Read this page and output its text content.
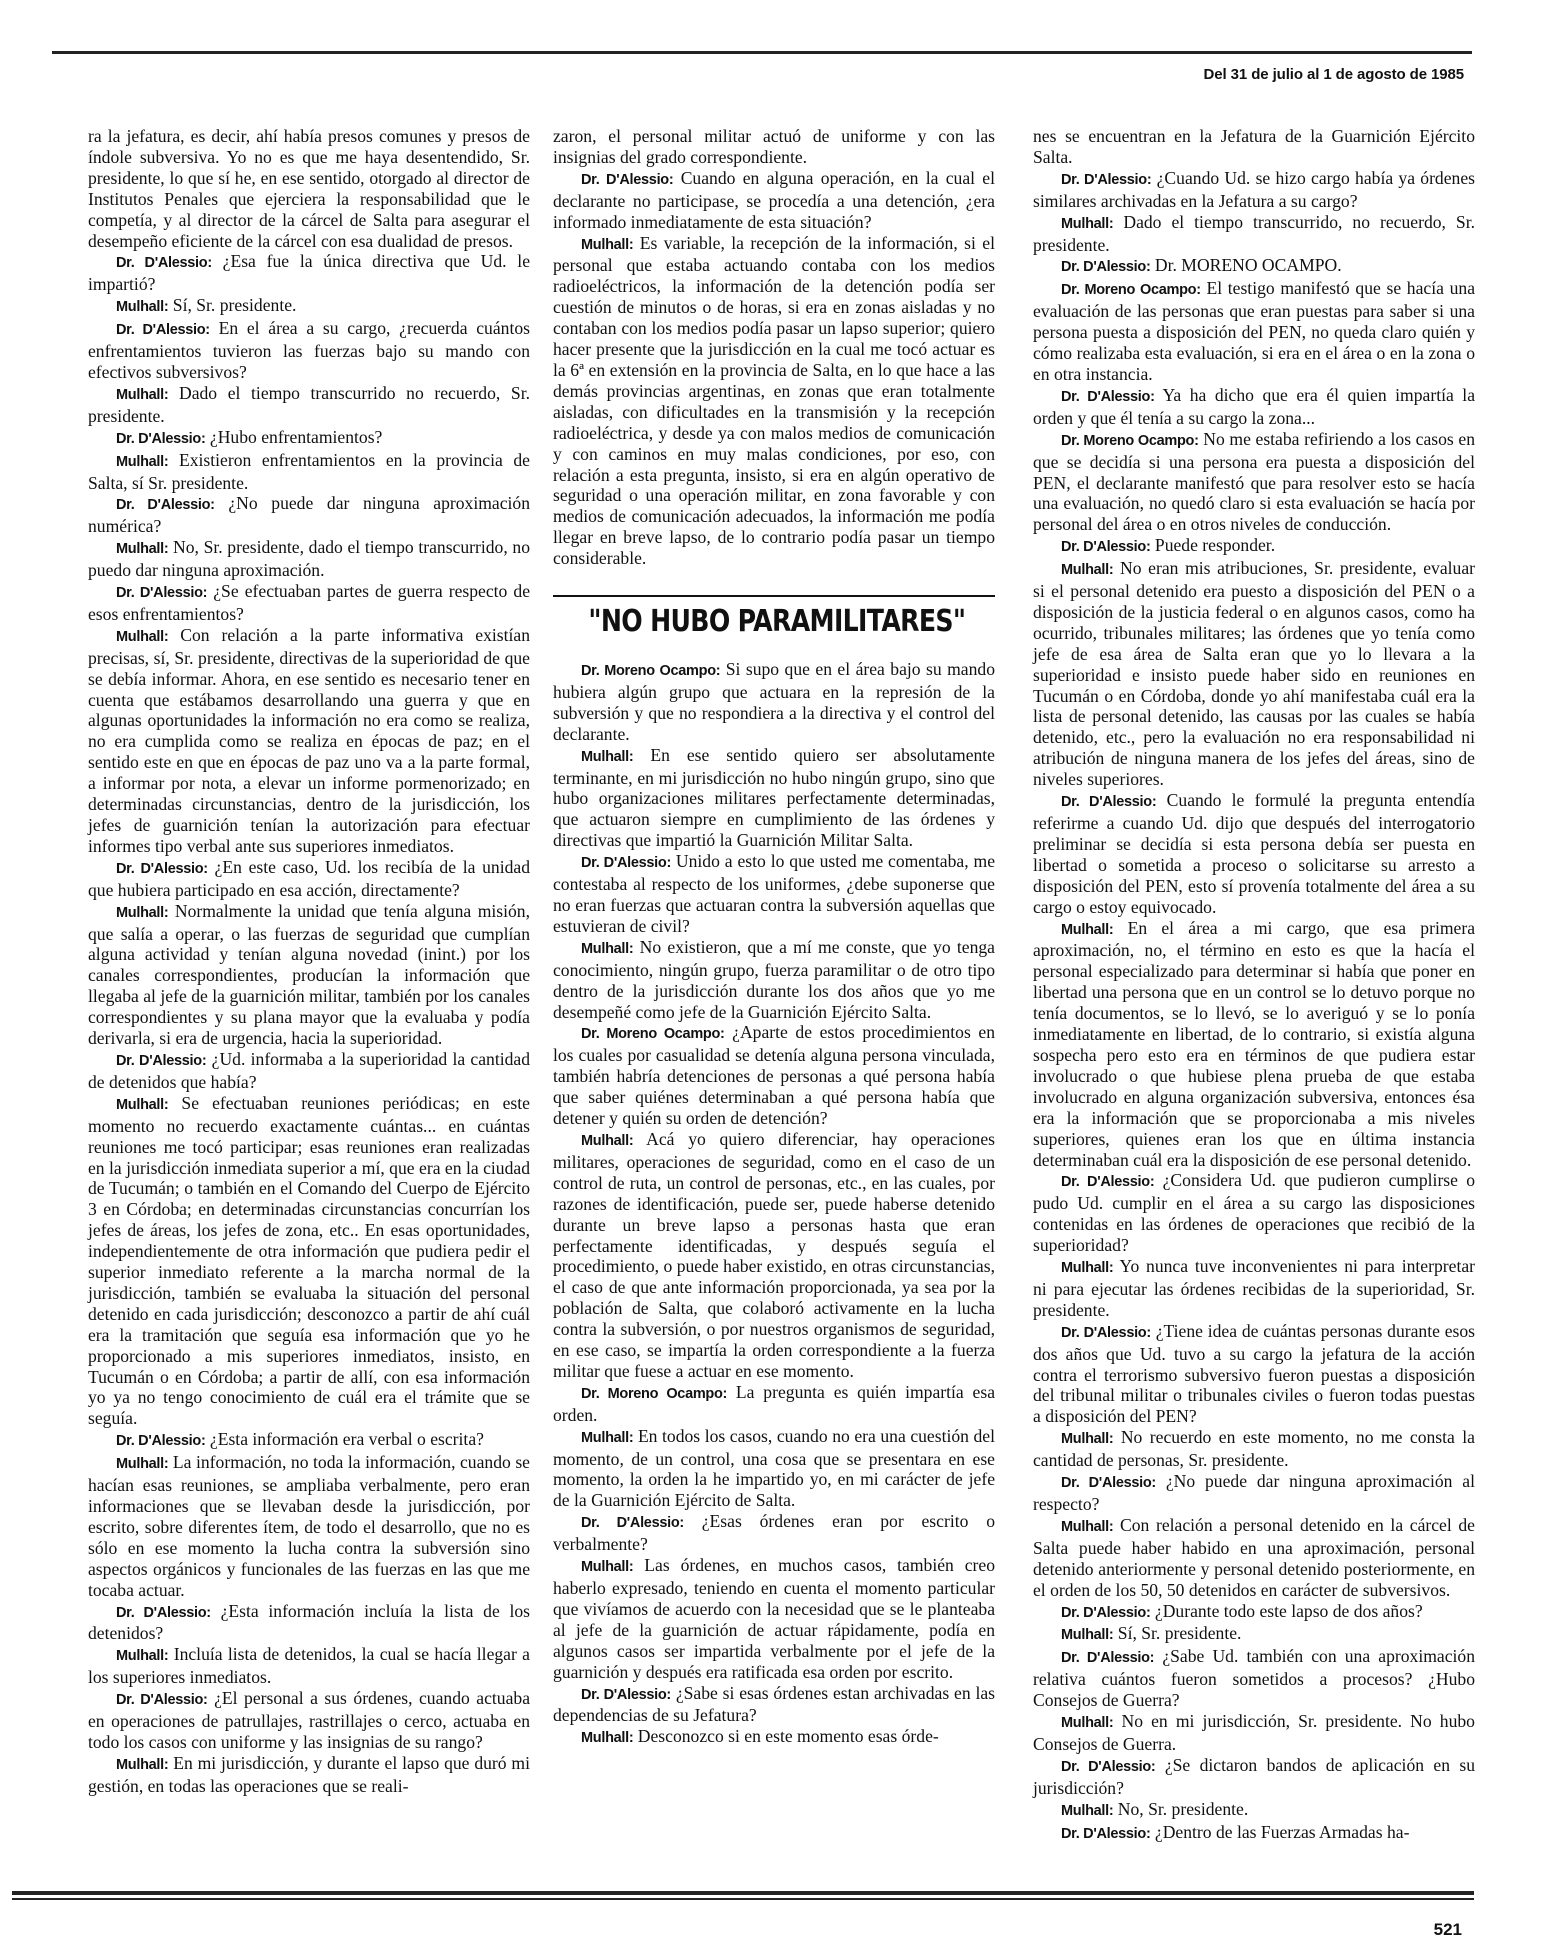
Del 31 de julio al 1 de agosto de 1985

ra la jefatura, es decir, ahí había presos comunes y presos de índole subversiva. Yo no es que me haya desentendido, Sr. presidente, lo que sí he, en ese sentido, otorgado al director de Institutos Penales que ejerciera la responsabilidad que le competía, y al director de la cárcel de Salta para asegurar el desempeño eficiente de la cárcel con esa dualidad de presos.

Dr. D'Alessio: ¿Esa fue la única directiva que Ud. le impartió?

Mulhall: Sí, Sr. presidente.

Dr. D'Alessio: En el área a su cargo, ¿recuerda cuántos enfrentamientos tuvieron las fuerzas bajo su mando con efectivos subversivos?

Mulhall: Dado el tiempo transcurrido no recuerdo, Sr. presidente.

Dr. D'Alessio: ¿Hubo enfrentamientos?

Mulhall: Existieron enfrentamientos en la provincia de Salta, sí Sr. presidente.

Dr. D'Alessio: ¿No puede dar ninguna aproximación numérica?

Mulhall: No, Sr. presidente, dado el tiempo transcurrido, no puedo dar ninguna aproximación.

Dr. D'Alessio: ¿Se efectuaban partes de guerra respecto de esos enfrentamientos?

Mulhall: Con relación a la parte informativa existían precisas, sí, Sr. presidente, directivas de la superioridad de que se debía informar. Ahora, en ese sentido es necesario tener en cuenta que estábamos desarrollando una guerra y que en algunas oportunidades la información no era como se realiza, no era cumplida como se realiza en épocas de paz; en el sentido este en que en épocas de paz uno va a la parte formal, a informar por nota, a elevar un informe pormenorizado; en determinadas circunstancias, dentro de la jurisdicción, los jefes de guarnición tenían la autorización para efectuar informes tipo verbal ante sus superiores inmediatos.

Dr. D'Alessio: ¿En este caso, Ud. los recibía de la unidad que hubiera participado en esa acción, directamente?

Mulhall: Normalmente la unidad que tenía alguna misión, que salía a operar, o las fuerzas de seguridad que cumplían alguna actividad y tenían alguna novedad (inint.) por los canales correspondientes, producían la información que llegaba al jefe de la guarnición militar, también por los canales correspondientes y su plana mayor que la evaluaba y podía derivarla, si era de urgencia, hacia la superioridad.

Dr. D'Alessio: ¿Ud. informaba a la superioridad la cantidad de detenidos que había?

Mulhall: Se efectuaban reuniones periódicas; en este momento no recuerdo exactamente cuántas... en cuántas reuniones me tocó participar; esas reuniones eran realizadas en la jurisdicción inmediata superior a mí, que era en la ciudad de Tucumán; o también en el Comando del Cuerpo de Ejército 3 en Córdoba; en determinadas circunstancias concurrían los jefes de áreas, los jefes de zona, etc.. En esas oportunidades, independientemente de otra información que pudiera pedir el superior inmediato referente a la marcha normal de la jurisdicción, también se evaluaba la situación del personal detenido en cada jurisdicción; desconozco a partir de ahí cuál era la tramitación que seguía esa información que yo he proporcionado a mis superiores inmediatos, insisto, en Tucumán o en Córdoba; a partir de allí, con esa información yo ya no tengo conocimiento de cuál era el trámite que se seguía.

Dr. D'Alessio: ¿Esta información era verbal o escrita?

Mulhall: La información, no toda la información, cuando se hacían esas reuniones, se ampliaba verbalmente, pero eran informaciones que se llevaban desde la jurisdicción, por escrito, sobre diferentes ítem, de todo el desarrollo, que no es sólo en ese momento la lucha contra la subversión sino aspectos orgánicos y funcionales de las fuerzas en las que me tocaba actuar.

Dr. D'Alessio: ¿Esta información incluía la lista de los detenidos?

Mulhall: Incluía lista de detenidos, la cual se hacía llegar a los superiores inmediatos.

Dr. D'Alessio: ¿El personal a sus órdenes, cuando actuaba en operaciones de patrullajes, rastrillajes o cerco, actuaba en todo los casos con uniforme y las insignias de su rango?

Mulhall: En mi jurisdicción, y durante el lapso que duró mi gestión, en todas las operaciones que se reali-

zaron, el personal militar actuó de uniforme y con las insignias del grado correspondiente.

Dr. D'Alessio: Cuando en alguna operación, en la cual el declarante no participase, se procedía a una detención, ¿era informado inmediatamente de esta situación?

Mulhall: Es variable, la recepción de la información, si el personal que estaba actuando contaba con los medios radioeléctricos, la información de la detención podía ser cuestión de minutos o de horas, si era en zonas aisladas y no contaban con los medios podía pasar un lapso superior; quiero hacer presente que la jurisdicción en la cual me tocó actuar es la 6ª en extensión en la provincia de Salta, en lo que hace a las demás provincias argentinas, en zonas que eran totalmente aisladas, con dificultades en la transmisión y la recepción radioeléctrica, y desde ya con malos medios de comunicación y con caminos en muy malas condiciones, por eso, con relación a esta pregunta, insisto, si era en algún operativo de seguridad o una operación militar, en zona favorable y con medios de comunicación adecuados, la información me podía llegar en breve lapso, de lo contrario podía pasar un tiempo considerable.

"NO HUBO PARAMILITARES"

Dr. Moreno Ocampo: Si supo que en el área bajo su mando hubiera algún grupo que actuara en la represión de la subversión y que no respondiera a la directiva y el control del declarante.

Mulhall: En ese sentido quiero ser absolutamente terminante, en mi jurisdicción no hubo ningún grupo, sino que hubo organizaciones militares perfectamente determinadas, que actuaron siempre en cumplimiento de las órdenes y directivas que impartió la Guarnición Militar Salta.

Dr. D'Alessio: Unido a esto lo que usted me comentaba, me contestaba al respecto de los uniformes, ¿debe suponerse que no eran fuerzas que actuaran contra la subversión aquellas que estuvieran de civil?

Mulhall: No existieron, que a mí me conste, que yo tenga conocimiento, ningún grupo, fuerza paramilitar o de otro tipo dentro de la jurisdicción durante los dos años que yo me desempeñé como jefe de la Guarnición Ejército Salta.

Dr. Moreno Ocampo: ¿Aparte de estos procedimientos en los cuales por casualidad se detenía alguna persona vinculada, también habría detenciones de personas a qué persona había que saber quiénes determinaban a qué persona había que detener y quién su orden de detención?

Mulhall: Acá yo quiero diferenciar, hay operaciones militares, operaciones de seguridad, como en el caso de un control de ruta, un control de personas, etc., en las cuales, por razones de identificación, puede ser, puede haberse detenido durante un breve lapso a personas hasta que eran perfectamente identificadas, y después seguía el procedimiento, o puede haber existido, en otras circunstancias, el caso de que ante información proporcionada, ya sea por la población de Salta, que colaboró activamente en la lucha contra la subversión, o por nuestros organismos de seguridad, en ese caso, se impartía la orden correspondiente a la fuerza militar que fuese a actuar en ese momento.

Dr. Moreno Ocampo: La pregunta es quién impartía esa orden.

Mulhall: En todos los casos, cuando no era una cuestión del momento, de un control, una cosa que se presentara en ese momento, la orden la he impartido yo, en mi carácter de jefe de la Guarnición Ejército de Salta.

Dr. D'Alessio: ¿Esas órdenes eran por escrito o verbalmente?

Mulhall: Las órdenes, en muchos casos, también creo haberlo expresado, teniendo en cuenta el momento particular que vivíamos de acuerdo con la necesidad que se le planteaba al jefe de la guarnición de actuar rápidamente, podía en algunos casos ser impartida verbalmente por el jefe de la guarnición y después era ratificada esa orden por escrito.

Dr. D'Alessio: ¿Sabe si esas órdenes estan archivadas en las dependencias de su Jefatura?

Mulhall: Desconozco si en este momento esas órde-

nes se encuentran en la Jefatura de la Guarnición Ejército Salta.

Dr. D'Alessio: ¿Cuando Ud. se hizo cargo había ya órdenes similares archivadas en la Jefatura a su cargo?

Mulhall: Dado el tiempo transcurrido, no recuerdo, Sr. presidente.

Dr. D'Alessio: Dr. MORENO OCAMPO.

Dr. Moreno Ocampo: El testigo manifestó que se hacía una evaluación de las personas que eran puestas para saber si una persona puesta a disposición del PEN, no queda claro quién y cómo realizaba esta evaluación, si era en el área o en la zona o en otra instancia.

Dr. D'Alessio: Ya ha dicho que era él quien impartía la orden y que él tenía a su cargo la zona...

Dr. Moreno Ocampo: No me estaba refiriendo a los casos en que se decidía si una persona era puesta a disposición del PEN, el declarante manifestó que para resolver esto se hacía una evaluación, no quedó claro si esta evaluación se hacía por personal del área o en otros niveles de conducción.

Dr. D'Alessio: Puede responder.

Mulhall: No eran mis atribuciones, Sr. presidente, evaluar si el personal detenido era puesto a disposición del PEN o a disposición de la justicia federal o en algunos casos, como ha ocurrido, tribunales militares; las órdenes que yo tenía como jefe de esa área de Salta eran que yo lo llevara a la superioridad e insisto puede haber sido en reuniones en Tucumán o en Córdoba, donde yo ahí manifestaba cuál era la lista de personal detenido, las causas por las cuales se había detenido, etc., pero la evaluación no era responsabilidad ni atribución de ninguna manera de los jefes del áreas, sino de niveles superiores.

Dr. D'Alessio: Cuando le formulé la pregunta entendía referirme a cuando Ud. dijo que después del interrogatorio preliminar se decidía si esta persona debía ser puesta en libertad o sometida a proceso o solicitarse su arresto a disposición del PEN, esto sí provenía totalmente del área a su cargo o estoy equivocado.

Mulhall: En el área a mi cargo, que esa primera aproximación, no, el término en esto es que la hacía el personal especializado para determinar si había que poner en libertad una persona que en un control se lo detuvo porque no tenía documentos, se lo llevó, se lo averiguó y se lo ponía inmediatamente en libertad, de lo contrario, si existía alguna sospecha pero esto era en términos de que pudiera estar involucrado o que hubiese plena prueba de que estaba involucrado en alguna organización subversiva, entonces ésa era la información que se proporcionaba a mis niveles superiores, quienes eran los que en última instancia determinaban cuál era la disposición de ese personal detenido.

Dr. D'Alessio: ¿Considera Ud. que pudieron cumplirse o pudo Ud. cumplir en el área a su cargo las disposiciones contenidas en las órdenes de operaciones que recibió de la superioridad?

Mulhall: Yo nunca tuve inconvenientes ni para interpretar ni para ejecutar las órdenes recibidas de la superioridad, Sr. presidente.

Dr. D'Alessio: ¿Tiene idea de cuántas personas durante esos dos años que Ud. tuvo a su cargo la jefatura de la acción contra el terrorismo subversivo fueron puestas a disposición del tribunal militar o tribunales civiles o fueron todas puestas a disposición del PEN?

Mulhall: No recuerdo en este momento, no me consta la cantidad de personas, Sr. presidente.

Dr. D'Alessio: ¿No puede dar ninguna aproximación al respecto?

Mulhall: Con relación a personal detenido en la cárcel de Salta puede haber habido en una aproximación, personal detenido anteriormente y personal detenido posteriormente, en el orden de los 50, 50 detenidos en carácter de subversivos.

Dr. D'Alessio: ¿Durante todo este lapso de dos años?

Mulhall: Sí, Sr. presidente.

Dr. D'Alessio: ¿Sabe Ud. también con una aproximación relativa cuántos fueron sometidos a procesos? ¿Hubo Consejos de Guerra?

Mulhall: No en mi jurisdicción, Sr. presidente. No hubo Consejos de Guerra.

Dr. D'Alessio: ¿Se dictaron bandos de aplicación en su jurisdicción?

Mulhall: No, Sr. presidente.

Dr. D'Alessio: ¿Dentro de las Fuerzas Armadas ha-

521
